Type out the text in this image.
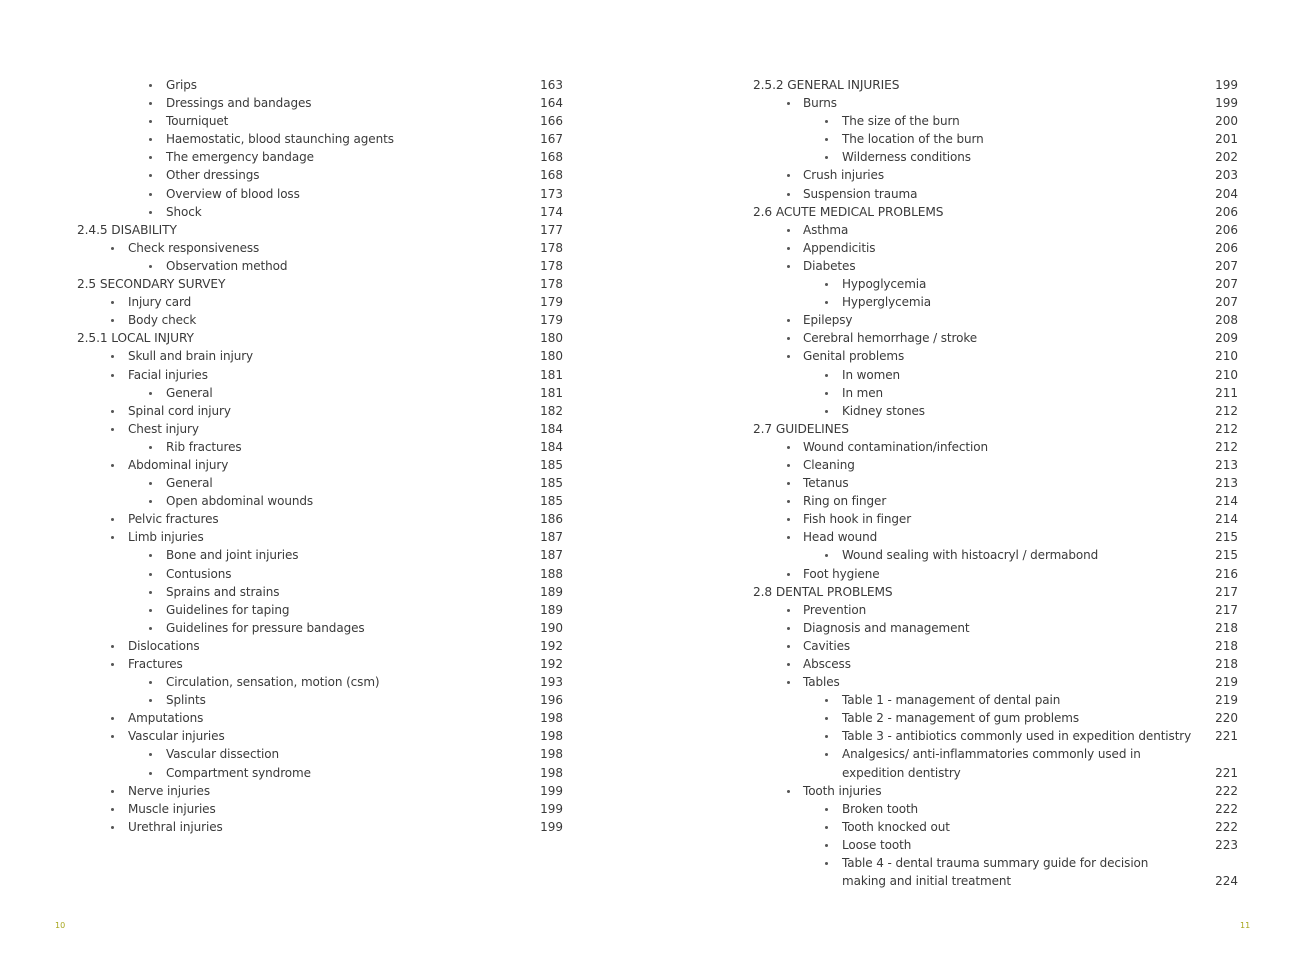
Grips	163
Dressings and bandages	164
Tourniquet	166
Haemostatic, blood staunching agents	167
The emergency bandage	168
Other dressings	168
Overview of blood loss	173
Shock	174
2.4.5 DISABILITY	177
Check responsiveness	178
Observation method	178
2.5 SECONDARY SURVEY	178
Injury card	179
Body check	179
2.5.1 LOCAL INJURY	180
Skull and brain injury	180
Facial injuries	181
General	181
Spinal cord injury	182
Chest injury	184
Rib fractures	184
Abdominal injury	185
General	185
Open abdominal wounds	185
Pelvic fractures	186
Limb injuries	187
Bone and joint injuries	187
Contusions	188
Sprains and strains	189
Guidelines for taping	189
Guidelines for pressure bandages	190
Dislocations	192
Fractures	192
Circulation, sensation, motion (csm)	193
Splints	196
Amputations	198
Vascular injuries	198
Vascular dissection	198
Compartment syndrome	198
Nerve injuries	199
Muscle injuries	199
Urethral injuries	199
2.5.2 GENERAL INJURIES	199
Burns	199
The size of the burn	200
The location of the burn	201
Wilderness conditions	202
Crush injuries	203
Suspension trauma	204
2.6 ACUTE MEDICAL PROBLEMS	206
Asthma	206
Appendicitis	206
Diabetes	207
Hypoglycemia	207
Hyperglycemia	207
Epilepsy	208
Cerebral hemorrhage / stroke	209
Genital problems	210
In women	210
In men	211
Kidney stones	212
2.7 GUIDELINES	212
Wound contamination/infection	212
Cleaning	213
Tetanus	213
Ring on finger	214
Fish hook in finger	214
Head wound	215
Wound sealing with histoacryl / dermabond	215
Foot hygiene	216
2.8 DENTAL PROBLEMS	217
Prevention	217
Diagnosis and management	218
Cavities	218
Abscess	218
Tables	219
Table 1 - management of dental pain	219
Table 2 - management of gum problems	220
Table 3 - antibiotics commonly used in expedition dentistry	221
Analgesics/ anti-inflammatories commonly used in expedition dentistry	221
Tooth injuries	222
Broken tooth	222
Tooth knocked out	222
Loose tooth	223
Table 4 - dental trauma summary guide for decision making and initial treatment	224
10	11
